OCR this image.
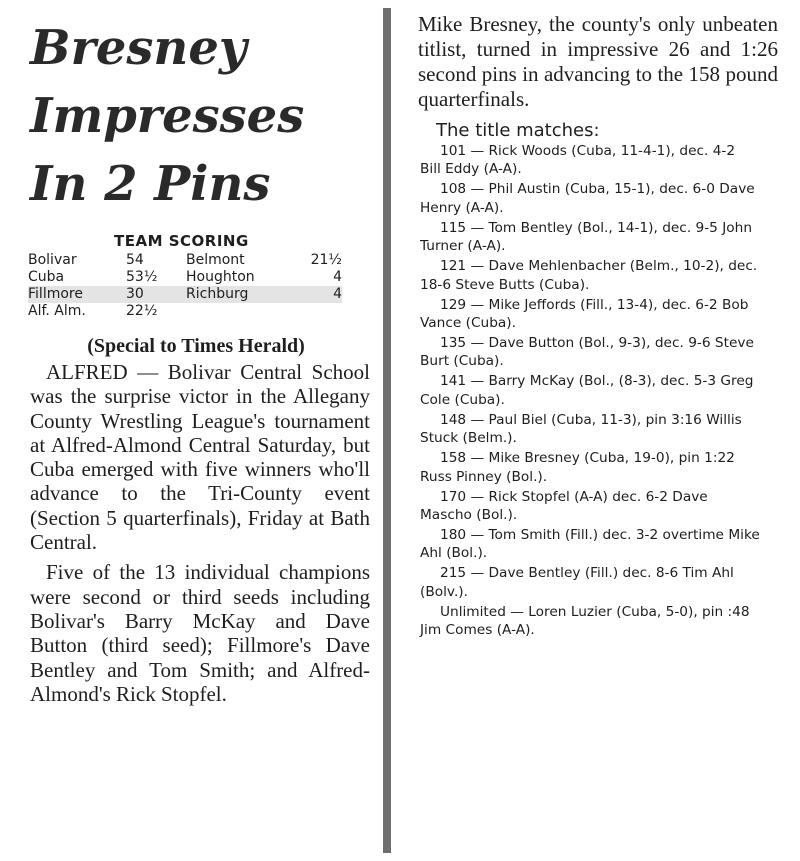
Bresney
Impresses
In 2 Pins
TEAM SCORING
Bolivar	54	Belmont	21½
Cuba	53½	Houghton	4
Fillmore	30	Richburg	4
Alf. Alm.	22½		
(Special to Times Herald)

ALFRED — Bolivar Central School was the surprise victor in the Allegany County Wrestling League's tournament at Alfred-Almond Central Saturday, but Cuba emerged with five winners who'll advance to the Tri-County event (Section 5 quarterfinals), Friday at Bath Central.

Five of the 13 individual champions were second or third seeds including Bolivar's Barry McKay and Dave Button (third seed); Fillmore's Dave Bentley and Tom Smith; and Alfred-Almond's Rick Stopfel.

Mike Bresney, the county's only unbeaten titlist, turned in impressive 26 and 1:26 second pins in advancing to the 158 pound quarterfinals.

The title matches:
101 — Rick Woods (Cuba, 11-4-1), dec. 4-2 Bill Eddy (A-A).
108 — Phil Austin (Cuba, 15-1), dec. 6-0 Dave Henry (A-A).
115 — Tom Bentley (Bol., 14-1), dec. 9-5 John Turner (A-A).
121 — Dave Mehlenbacher (Belm., 10-2), dec. 18-6 Steve Butts (Cuba).
129 — Mike Jeffords (Fill., 13-4), dec. 6-2 Bob Vance (Cuba).
135 — Dave Button (Bol., 9-3), dec. 9-6 Steve Burt (Cuba).
141 — Barry McKay (Bol., (8-3), dec. 5-3 Greg Cole (Cuba).
148 — Paul Biel (Cuba, 11-3), pin 3:16 Willis Stuck (Belm.).
158 — Mike Bresney (Cuba, 19-0), pin 1:22 Russ Pinney (Bol.).
170 — Rick Stopfel (A-A) dec. 6-2 Dave Mascho (Bol.).
180 — Tom Smith (Fill.) dec. 3-2 overtime Mike Ahl (Bol.).
215 — Dave Bentley (Fill.) dec. 8-6 Tim Ahl (Bolv.).
Unlimited — Loren Luzier (Cuba, 5-0), pin :48 Jim Comes (A-A).
